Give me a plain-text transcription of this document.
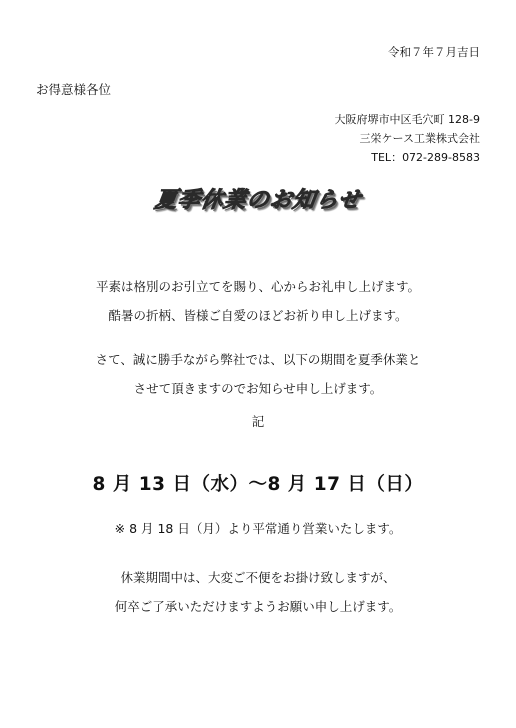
令和７年７月吉日
お得意様各位
大阪府堺市中区毛穴町 128-9
三栄ケース工業株式会社
TEL：072-289-8583
夏季休業のお知らせ
平素は格別のお引立てを賜り、心からお礼申し上げます。
酷暑の折柄、皆様ご自愛のほどお祈り申し上げます。
さて、誠に勝手ながら弊社では、以下の期間を夏季休業と
させて頂きますのでお知らせ申し上げます。
記
8 月 13 日（水）～8 月 17 日（日）
※ 8 月 18 日（月）より平常通り営業いたします。
休業期間中は、大変ご不便をお掛け致しますが、
何卒ご了承いただけますようお願い申し上げます。
